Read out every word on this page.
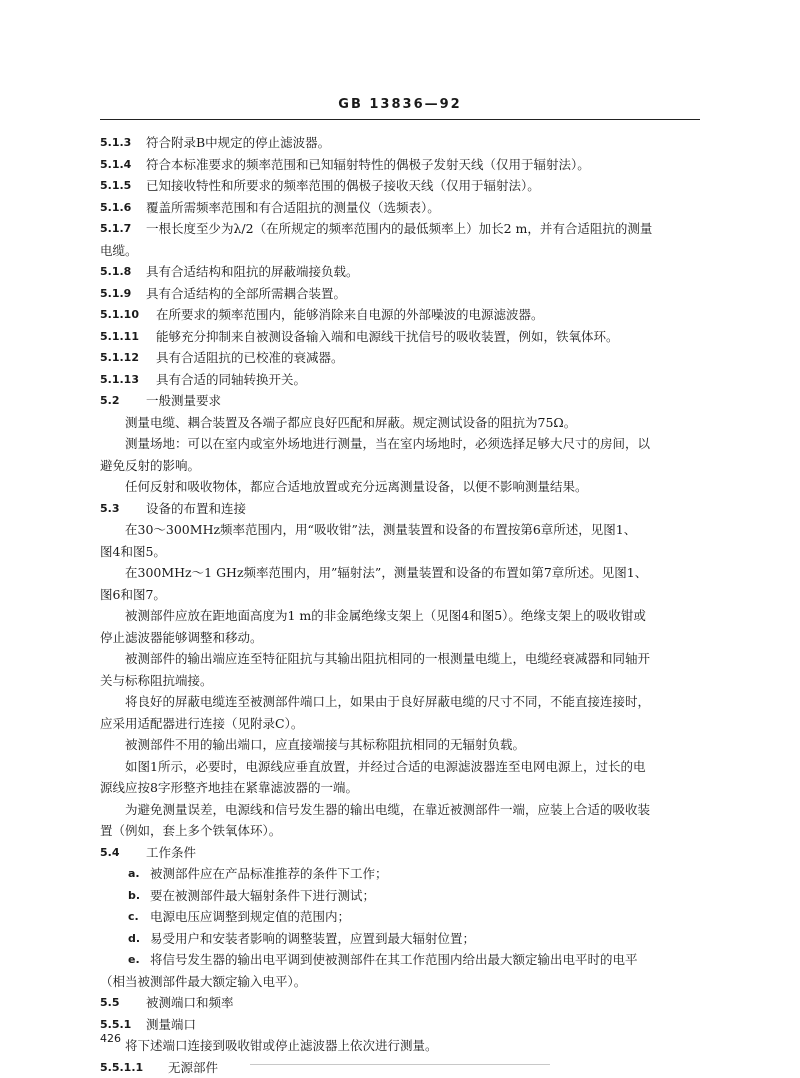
GB 13836—92
5.1.3	符合附录B中规定的停止滤波器。
5.1.4	符合本标准要求的频率范围和已知辐射特性的偶极子发射天线（仅用于辐射法）。
5.1.5	已知接收特性和所要求的频率范围的偶极子接收天线（仅用于辐射法）。
5.1.6	覆盖所需频率范围和有合适阻抗的测量仪（选频表）。
5.1.7	一根长度至少为λ/2（在所规定的频率范围内的最低频率上）加长2 m，并有合适阻抗的测量

电缆。

5.1.8	具有合适结构和阻抗的屏蔽端接负载。
5.1.9	具有合适结构的全部所需耦合装置。
5.1.10	在所要求的频率范围内，能够消除来自电源的外部噪波的电源滤波器。
5.1.11	能够充分抑制来自被测设备输入端和电源线干扰信号的吸收装置，例如，铁氧体环。
5.1.12	具有合适阻抗的已校准的衰减器。
5.1.13	具有合适的同轴转换开关。
5.2	一般测量要求

测量电缆、耦合装置及各端子都应良好匹配和屏蔽。规定测试设备的阻抗为75Ω。

测量场地：可以在室内或室外场地进行测量，当在室内场地时，必须选择足够大尺寸的房间，以

避免反射的影响。

任何反射和吸收物体，都应合适地放置或充分远离测量设备，以便不影响测量结果。

5.3	设备的布置和连接

在30～300MHz频率范围内，用“吸收钳”法，测量装置和设备的布置按第6章所述，见图1、

图4和图5。

在300MHz～1 GHz频率范围内，用”辐射法”，测量装置和设备的布置如第7章所述。见图1、

图6和图7。

被测部件应放在距地面高度为1 m的非金属绝缘支架上（见图4和图5）。绝缘支架上的吸收钳或

停止滤波器能够调整和移动。

被测部件的输出端应连至特征阻抗与其输出阻抗相同的一根测量电缆上，电缆经衰减器和同轴开

关与标称阻抗端接。

将良好的屏蔽电缆连至被测部件端口上，如果由于良好屏蔽电缆的尺寸不同，不能直接连接时，

应采用适配器进行连接（见附录C）。

被测部件不用的输出端口，应直接端接与其标称阻抗相同的无辐射负载。

如图1所示，必要时，电源线应垂直放置，并经过合适的电源滤波器连至电网电源上，过长的电

源线应按8字形整齐地挂在紧靠滤波器的一端。

为避免测量误差，电源线和信号发生器的输出电缆，在靠近被测部件一端，应装上合适的吸收装

置（例如，套上多个铁氧体环）。

5.4	工作条件
a. 被测部件应在产品标准推荐的条件下工作；
b. 要在被测部件最大辐射条件下进行测试；
c. 电源电压应调整到规定值的范围内；
d. 易受用户和安装者影响的调整装置，应置到最大辐射位置；
e. 将信号发生器的输出电平调到使被测部件在其工作范围内给出最大额定输出电平时的电平

（相当被测部件最大额定输入电平）。

5.5	被测端口和频率
5.5.1	测量端口

将下述端口连接到吸收钳或停止滤波器上依次进行测量。

5.5.1.1	无源部件
426
